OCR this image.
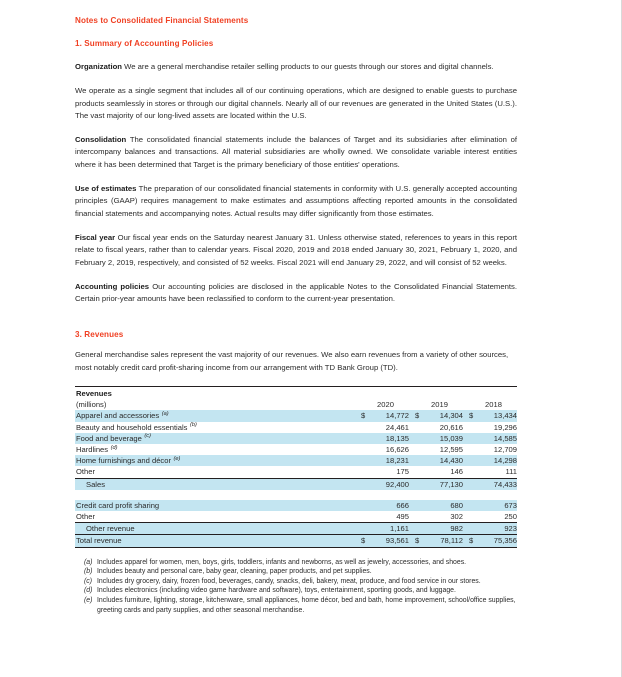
Notes to Consolidated Financial Statements
1. Summary of Accounting Policies

Organization We are a general merchandise retailer selling products to our guests through our stores and digital channels.

We operate as a single segment that includes all of our continuing operations, which are designed to enable guests to purchase products seamlessly in stores or through our digital channels. Nearly all of our revenues are generated in the United States (U.S.). The vast majority of our long-lived assets are located within the U.S.

Consolidation The consolidated financial statements include the balances of Target and its subsidiaries after elimination of intercompany balances and transactions. All material subsidiaries are wholly owned. We consolidate variable interest entities where it has been determined that Target is the primary beneficiary of those entities' operations.

Use of estimates The preparation of our consolidated financial statements in conformity with U.S. generally accepted accounting principles (GAAP) requires management to make estimates and assumptions affecting reported amounts in the consolidated financial statements and accompanying notes. Actual results may differ significantly from those estimates.

Fiscal year Our fiscal year ends on the Saturday nearest January 31. Unless otherwise stated, references to years in this report relate to fiscal years, rather than to calendar years. Fiscal 2020, 2019 and 2018 ended January 30, 2021, February 1, 2020, and February 2, 2019, respectively, and consisted of 52 weeks. Fiscal 2021 will end January 29, 2022, and will consist of 52 weeks.

Accounting policies Our accounting policies are disclosed in the applicable Notes to the Consolidated Financial Statements. Certain prior-year amounts have been reclassified to conform to the current-year presentation.

3. Revenues

General merchandise sales represent the vast majority of our revenues. We also earn revenues from a variety of other sources, most notably credit card profit-sharing income from our arrangement with TD Bank Group (TD).

Revenues						
(millions)		2020		2019		2018
Apparel and accessories $^{(a)}$	$	14,772	$	14,304	$	13,434
Beauty and household essentials $^{(b)}$		24,461		20,616		19,296
Food and beverage $^{(c)}$		18,135		15,039		14,585
Hardlines $^{(d)}$		16,626		12,595		12,709
Home furnishings and décor $^{(e)}$		18,231		14,430		14,298
Other		175		146		111
Sales		92,400		77,130		74,433

Credit card profit sharing		666		680		673
Other		495		302		250
Other revenue		1,161		982		923
Total revenue	$	93,561	$	78,112	$	75,356
(a) Includes apparel for women, men, boys, girls, toddlers, infants and newborns, as well as jewelry, accessories, and shoes.
(b) Includes beauty and personal care, baby gear, cleaning, paper products, and pet supplies.
(c) Includes dry grocery, dairy, frozen food, beverages, candy, snacks, deli, bakery, meat, produce, and food service in our stores.
(d) Includes electronics (including video game hardware and software), toys, entertainment, sporting goods, and luggage.
(e) Includes furniture, lighting, storage, kitchenware, small appliances, home décor, bed and bath, home improvement, school/office supplies, greeting cards and party supplies, and other seasonal merchandise.
